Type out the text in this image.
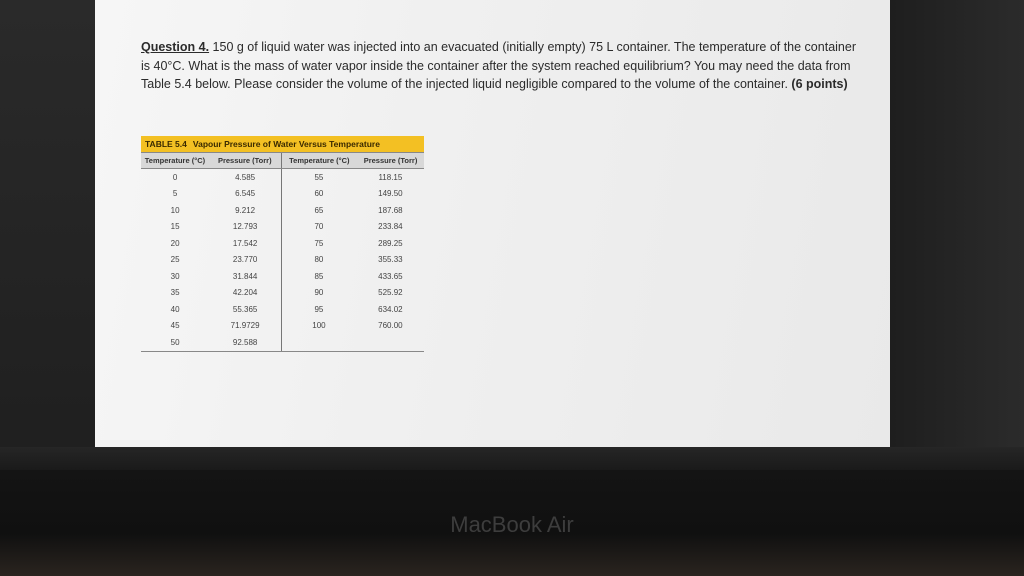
Question 4. 150 g of liquid water was injected into an evacuated (initially empty) 75 L container. The temperature of the container is 40°C. What is the mass of water vapor inside the container after the system reached equilibrium? You may need the data from Table 5.4 below. Please consider the volume of the injected liquid negligible compared to the volume of the container. (6 points)
TABLE 5.4 Vapour Pressure of Water Versus Temperature
Temperature (°C)	Pressure (Torr)	Temperature (°C)	Pressure (Torr)
0	4.585	55	118.15
5	6.545	60	149.50
10	9.212	65	187.68
15	12.793	70	233.84
20	17.542	75	289.25
25	23.770	80	355.33
30	31.844	85	433.65
35	42.204	90	525.92
40	55.365	95	634.02
45	71.9729	100	760.00
50	92.588
MacBook Air
